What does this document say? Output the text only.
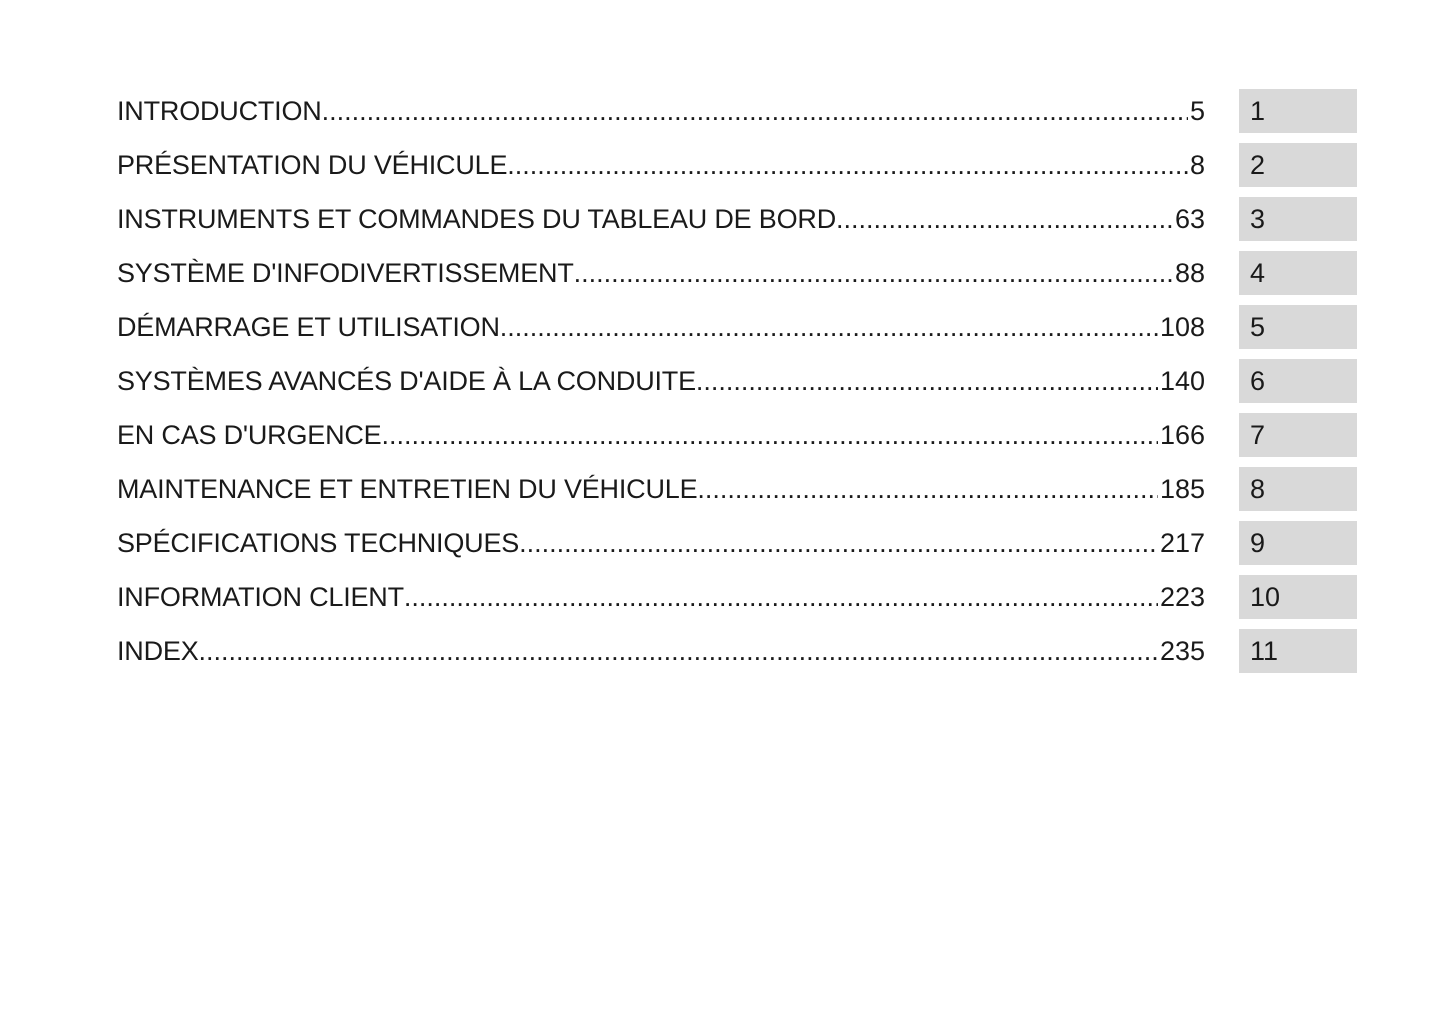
INTRODUCTION .....	5	1
PRÉSENTATION DU VÉHICULE .....	8	2
INSTRUMENTS ET COMMANDES DU TABLEAU DE BORD .....	63	3
SYSTÈME D'INFODIVERTISSEMENT .....	88	4
DÉMARRAGE ET UTILISATION .....	108	5
SYSTÈMES AVANCÉS D'AIDE À LA CONDUITE .....	140	6
EN CAS D'URGENCE .....	166	7
MAINTENANCE ET ENTRETIEN DU VÉHICULE .....	185	8
SPÉCIFICATIONS TECHNIQUES .....	217	9
INFORMATION CLIENT .....	223	10
INDEX .....	235	11
